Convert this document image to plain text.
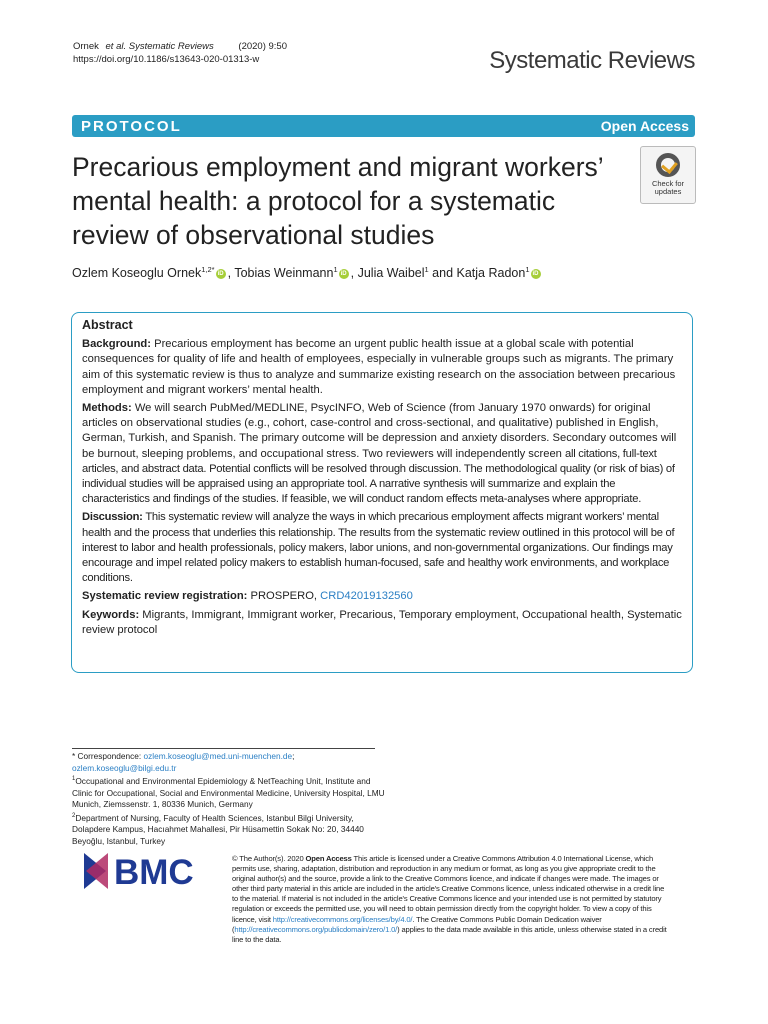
Ornek et al. Systematic Reviews	(2020) 9:50
https://doi.org/10.1186/s13643-020-01313-w	Systematic Reviews
PROTOCOL	Open Access
Precarious employment and migrant workers’ mental health: a protocol for a systematic review of observational studies
Check for
updates
Ozlem Koseoglu Ornek$^{1,2*}$ iD , Tobias Weinmann$^1$ iD , Julia Waibel$^1$ and Katja Radon$^1$ iD
Abstract

Background: Precarious employment has become an urgent public health issue at a global scale with potential consequences for quality of life and health of employees, especially in vulnerable groups such as migrants. The primary aim of this systematic review is thus to analyze and summarize existing research on the association between precarious employment and migrant workers’ mental health.

Methods: We will search PubMed/MEDLINE, PsycINFO, Web of Science (from January 1970 onwards) for original articles on observational studies (e.g., cohort, case-control and cross-sectional, and qualitative) published in English, German, Turkish, and Spanish. The primary outcome will be depression and anxiety disorders. Secondary outcomes will be burnout, sleeping problems, and occupational stress. Two reviewers will independently screen all citations, full-text articles, and abstract data. Potential conflicts will be resolved through discussion. The methodological quality (or risk of bias) of individual studies will be appraised using an appropriate tool. A narrative synthesis will summarize and explain the characteristics and findings of the studies. If feasible, we will conduct random effects meta-analyses where appropriate.

Discussion: This systematic review will analyze the ways in which precarious employment affects migrant workers’ mental health and the process that underlies this relationship. The results from the systematic review outlined in this protocol will be of interest to labor and health professionals, policy makers, labor unions, and non-governmental organizations. Our findings may encourage and impel related policy makers to establish human-focused, safe and healthy work environments, and workplace conditions.

Systematic review registration: PROSPERO, CRD42019132560

Keywords: Migrants, Immigrant, Immigrant worker, Precarious, Temporary employment, Occupational health, Systematic review protocol

* Correspondence: ozlem.koseoglu@med.uni-muenchen.de;
ozlem.koseoglu@bilgi.edu.tr

$^1$Occupational and Environmental Epidemiology & NetTeaching Unit, Institute and Clinic for Occupational, Social and Environmental Medicine, University Hospital, LMU Munich, Ziemssenstr. 1, 80336 Munich, Germany

$^2$Department of Nursing, Faculty of Health Sciences, Istanbul Bilgi University, Dolapdere Kampus, Hacıahmet Mahallesi, Pir Hüsamettin Sokak No: 20, 34440 Beyoğlu, Istanbul, Turkey

BMC	© The Author(s). 2020 Open Access This article is licensed under a Creative Commons Attribution 4.0 International License, which permits use, sharing, adaptation, distribution and reproduction in any medium or format, as long as you give appropriate credit to the original author(s) and the source, provide a link to the Creative Commons licence, and indicate if changes were made. The images or other third party material in this article are included in the article's Creative Commons licence, unless indicated otherwise in a credit line to the material. If material is not included in the article's Creative Commons licence and your intended use is not permitted by statutory regulation or exceeds the permitted use, you will need to obtain permission directly from the copyright holder. To view a copy of this licence, visit http://creativecommons.org/licenses/by/4.0/. The Creative Commons Public Domain Dedication waiver (http://creativecommons.org/publicdomain/zero/1.0/) applies to the data made available in this article, unless otherwise stated in a credit line to the data.
